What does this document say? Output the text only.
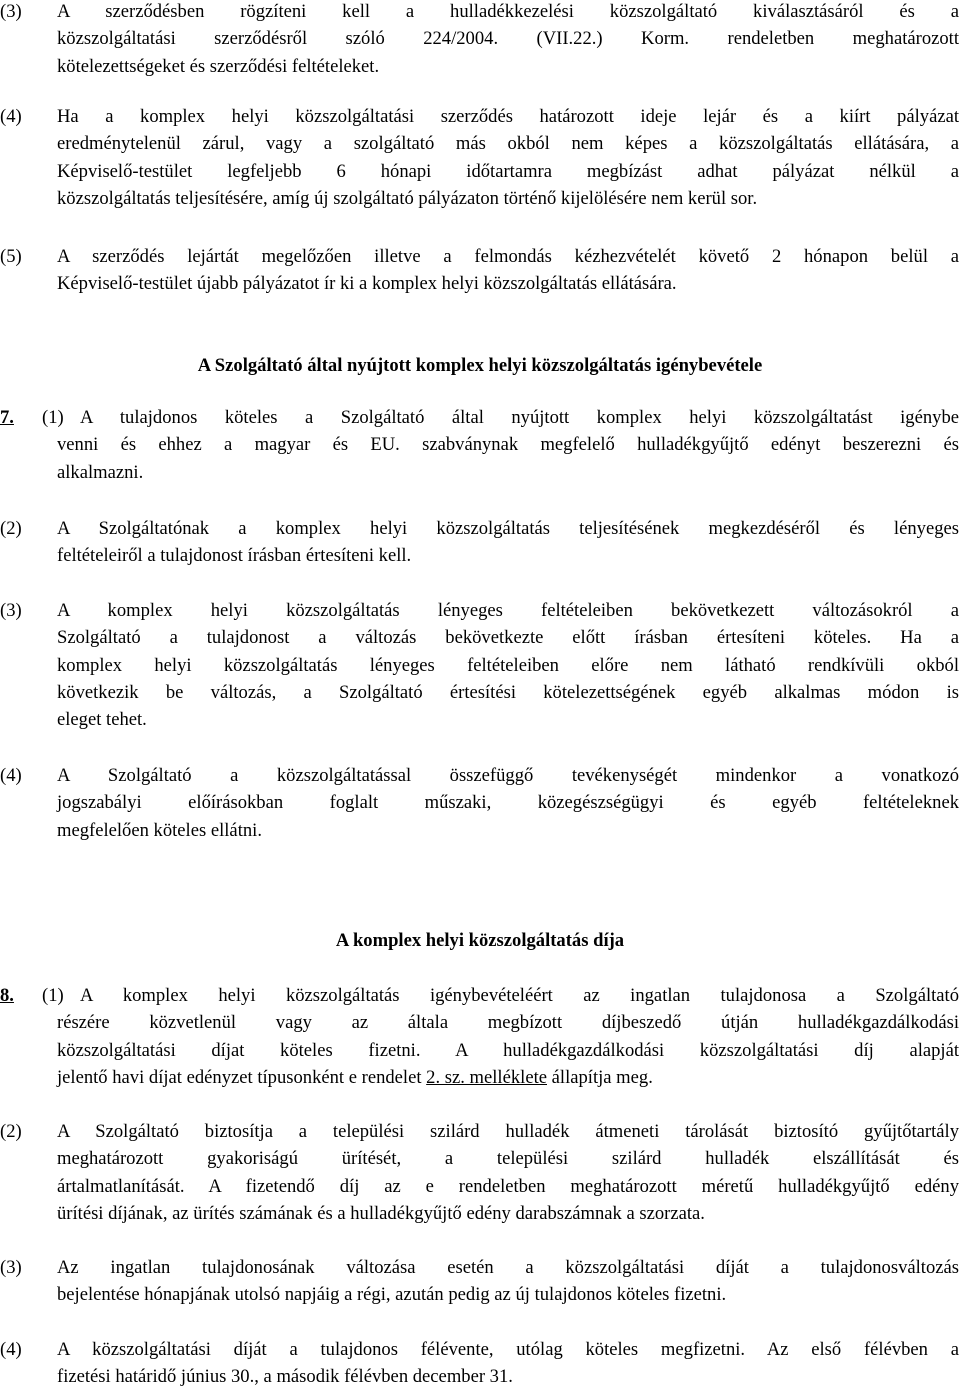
(3) A szerződésben rögzíteni kell a hulladékkezelési közszolgáltató kiválasztásáról és a
közszolgáltatási szerződésről szóló 224/2004. (VII.22.) Korm. rendeletben meghatározott
kötelezettségeket és szerződési feltételeket.
(4) Ha a komplex helyi közszolgáltatási szerződés határozott ideje lejár és a kiírt pályázat
eredménytelenül zárul, vagy a szolgáltató más okból nem képes a közszolgáltatás ellátására, a
Képviselő-testület legfeljebb 6 hónapi időtartamra megbízást adhat pályázat nélkül a
közszolgáltatás teljesítésére, amíg új szolgáltató pályázaton történő kijelölésére nem kerül sor.
(5) A szerződés lejártát megelőzően illetve a felmondás kézhezvételét követő 2 hónapon belül a
Képviselő-testület újabb pályázatot ír ki a komplex helyi közszolgáltatás ellátására.
A Szolgáltató által nyújtott komplex helyi közszolgáltatás igénybevétele
7. (1) A tulajdonos köteles a Szolgáltató által nyújtott komplex helyi közszolgáltatást igénybe
venni és ehhez a magyar és EU. szabványnak megfelelő hulladékgyűjtő edényt beszerezni és
alkalmazni.
(2) A Szolgáltatónak a komplex helyi közszolgáltatás teljesítésének megkezdéséről és lényeges
feltételeiről a tulajdonost írásban értesíteni kell.
(3) A komplex helyi közszolgáltatás lényeges feltételeiben bekövetkezett változásokról a
Szolgáltató a tulajdonost a változás bekövetkezte előtt írásban értesíteni köteles. Ha a
komplex helyi közszolgáltatás lényeges feltételeiben előre nem látható rendkívüli okból
következik be változás, a Szolgáltató értesítési kötelezettségének egyéb alkalmas módon is
eleget tehet.
(4) A Szolgáltató a közszolgáltatással összefüggő tevékenységét mindenkor a vonatkozó
jogszabályi előírásokban foglalt műszaki, közegészségügyi és egyéb feltételeknek
megfelelően köteles ellátni.
A komplex helyi közszolgáltatás díja
8. (1) A komplex helyi közszolgáltatás igénybevételéért az ingatlan tulajdonosa a Szolgáltató
részére közvetlenül vagy az általa megbízott díjbeszedő útján hulladékgazdálkodási
közszolgáltatási díjat köteles fizetni. A hulladékgazdálkodási közszolgáltatási díj alapját
jelentő havi díjat edényzet típusonként e rendelet 2. sz. melléklete állapítja meg.
(2) A Szolgáltató biztosítja a települési szilárd hulladék átmeneti tárolását biztosító gyűjtőtartály
meghatározott gyakoriságú ürítését, a települési szilárd hulladék elszállítását és
ártalmatlanítását. A fizetendő díj az e rendeletben meghatározott méretű hulladékgyűjtő edény
ürítési díjának, az ürítés számának és a hulladékgyűjtő edény darabszámnak a szorzata.
(3) Az ingatlan tulajdonosának változása esetén a közszolgáltatási díját a tulajdonosváltozás
bejelentése hónapjának utolsó napjáig a régi, azután pedig az új tulajdonos köteles fizetni.
(4) A közszolgáltatási díját a tulajdonos félévente, utólag köteles megfizetni. Az első félévben a
fizetési határidő június 30., a második félévben december 31.
